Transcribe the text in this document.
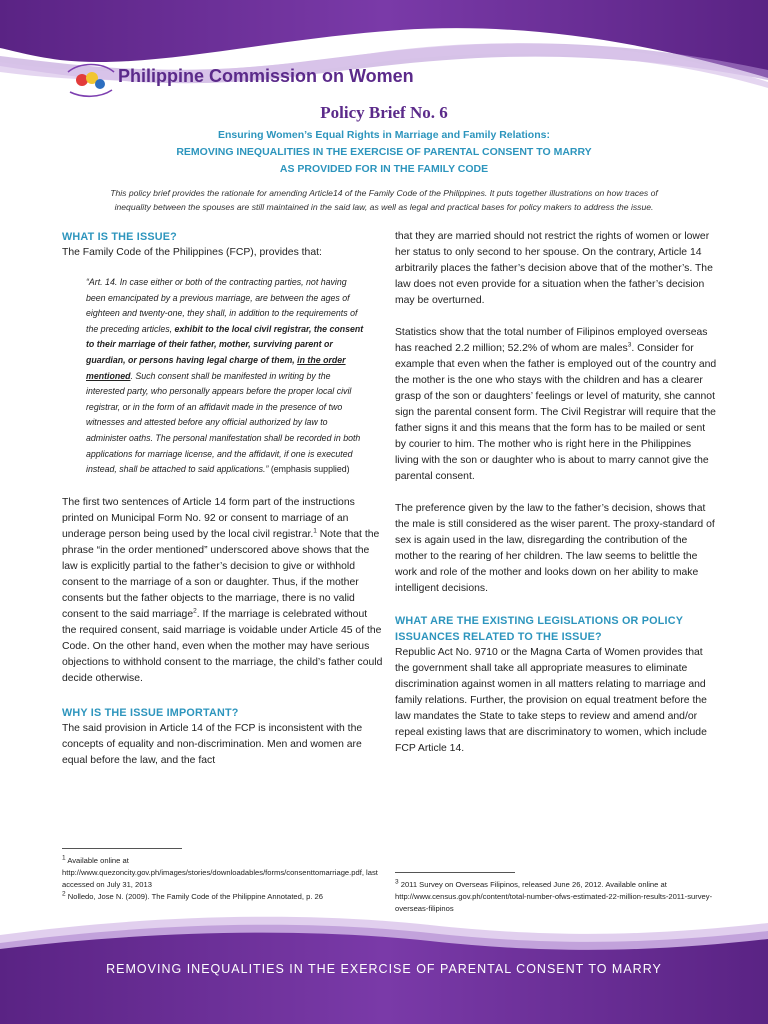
Philippine Commission on Women
Policy Brief No. 6
Ensuring Women’s Equal Rights in Marriage and Family Relations:
REMOVING INEQUALITIES IN THE EXERCISE OF PARENTAL CONSENT TO MARRY
AS PROVIDED FOR IN THE FAMILY CODE
This policy brief provides the rationale for amending Article14 of the Family Code of the Philippines. It puts together illustrations on how traces of
inequality between the spouses are still maintained in the said law, as well as legal and practical bases for policy makers to address the issue.
WHAT IS THE ISSUE?

The Family Code of the Philippines (FCP), provides that:

“Art. 14. In case either or both of the contracting parties, not having been emancipated by a previous marriage, are between the ages of eighteen and twenty-one, they shall, in addition to the requirements of the preceding articles, exhibit to the local civil registrar, the consent to their marriage of their father, mother, surviving parent or guardian, or persons having legal charge of them, in the order mentioned. Such consent shall be manifested in writing by the interested party, who personally appears before the proper local civil registrar, or in the form of an affidavit made in the presence of two witnesses and attested before any official authorized by law to administer oaths. The personal manifestation shall be recorded in both applications for marriage license, and the affidavit, if one is executed instead, shall be attached to said applications.” (emphasis supplied)

The first two sentences of Article 14 form part of the instructions printed on Municipal Form No. 92 or consent to marriage of an underage person being used by the local civil registrar.$^1$ Note that the phrase “in the order mentioned” underscored above shows that the law is explicitly partial to the father’s decision to give or withhold consent to the marriage of a son or daughter. Thus, if the mother consents but the father objects to the marriage, there is no valid consent to the said marriage$^2$. If the marriage is celebrated without the required consent, said marriage is voidable under Article 45 of the Code. On the other hand, even when the mother may have serious objections to withhold consent to the marriage, the child’s father could decide otherwise.

WHY IS THE ISSUE IMPORTANT?

The said provision in Article 14 of the FCP is inconsistent with the concepts of equality and non-discrimination. Men and women are equal before the law, and the fact

$^1$ Available online at http://www.quezoncity.gov.ph/images/stories/downloadables/forms/consenttomarriage.pdf, last accessed on July 31, 2013
$^2$ Nolledo, Jose N. (2009). The Family Code of the Philippine Annotated, p. 26

that they are married should not restrict the rights of women or lower her status to only second to her spouse. On the contrary, Article 14 arbitrarily places the father’s decision above that of the mother’s. The law does not even provide for a situation when the father’s decision may be overturned.

Statistics show that the total number of Filipinos employed overseas has reached 2.2 million; 52.2% of whom are males$^3$. Consider for example that even when the father is employed out of the country and the mother is the one who stays with the children and has a clearer grasp of the son or daughters’ feelings or level of maturity, she cannot sign the parental consent form. The Civil Registrar will require that the father signs it and this means that the form has to be mailed or sent by courier to him. The mother who is right here in the Philippines living with the son or daughter who is about to marry cannot give the parental consent.

The preference given by the law to the father’s decision, shows that the male is still considered as the wiser parent. The proxy-standard of sex is again used in the law, disregarding the contribution of the mother to the rearing of her children. The law seems to belittle the work and role of the mother and looks down on her ability to make intelligent decisions.

WHAT ARE THE EXISTING LEGISLATIONS OR POLICY ISSUANCES RELATED TO THE ISSUE?

Republic Act No. 9710 or the Magna Carta of Women provides that the government shall take all appropriate measures to eliminate discrimination against women in all matters relating to marriage and family relations. Further, the provision on equal treatment before the law mandates the State to take steps to review and amend and/or repeal existing laws that are discriminatory to women, which include FCP Article 14.

$^3$ 2011 Survey on Overseas Filipinos, released June 26, 2012. Available online at http://www.census.gov.ph/content/total-number-ofws-estimated-22-million-results-2011-survey-overseas-filipinos
REMOVING INEQUALITIES IN THE EXERCISE OF PARENTAL CONSENT TO MARRY
